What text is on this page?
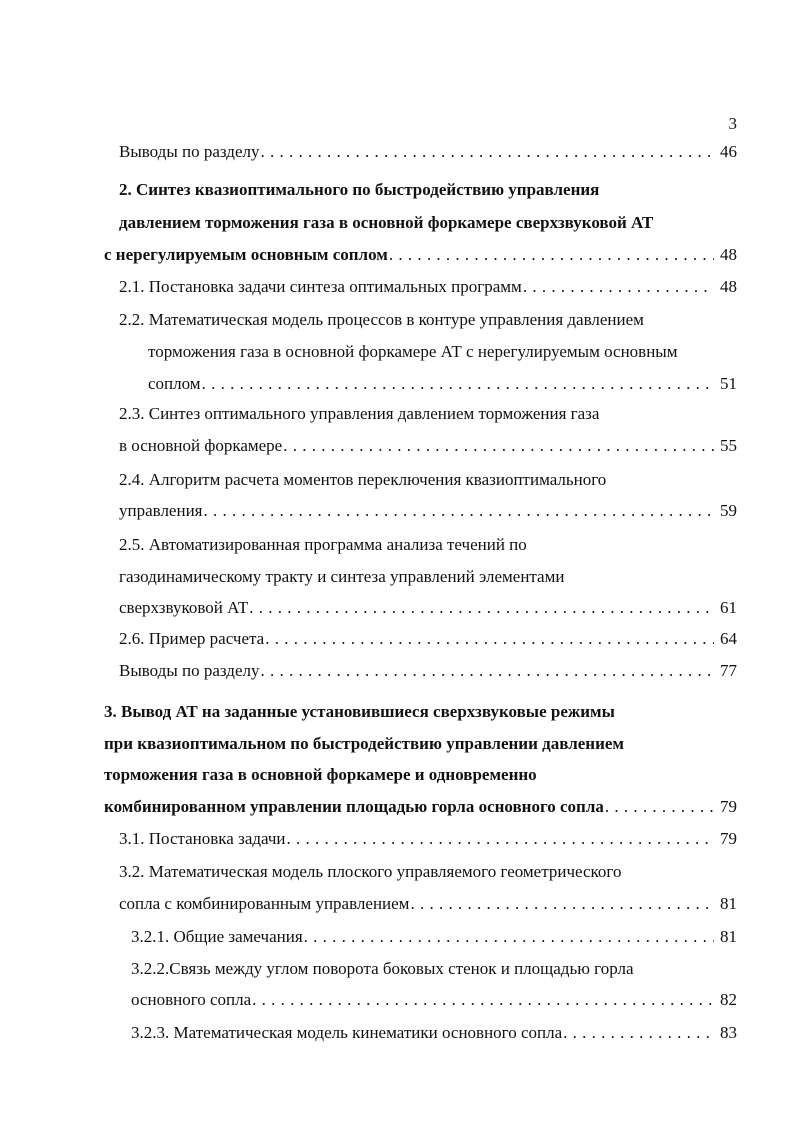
3
Выводы по разделу . . .	46
2. Синтез квазиоптимального по быстродействию управления
давлением торможения газа в основной форкамере сверхзвуковой АТ
с нерегулируемым основным соплом . . .	48
2.1. Постановка задачи синтеза оптимальных программ . . .	48
2.2. Математическая модель процессов в контуре управления давлением
торможения газа в основной форкамере АТ с нерегулируемым основным
соплом . . .	51
2.3. Синтез оптимального управления давлением торможения газа
в основной форкамере . . .	55
2.4. Алгоритм расчета моментов переключения квазиоптимального
управления . . .	59
2.5. Автоматизированная программа анализа течений по
газодинамическому тракту и синтеза управлений элементами
сверхзвуковой АТ . . .	61
2.6. Пример расчета . . .	64
Выводы по разделу . . .	77
3. Вывод АТ на заданные установившиеся сверхзвуковые режимы
при квазиоптимальном по быстродействию управлении давлением
торможения газа в основной форкамере и одновременно
комбинированном управлении площадью горла основного сопла . . .	79
3.1. Постановка задачи . . .	79
3.2. Математическая модель плоского управляемого геометрического
сопла с комбинированным управлением . . .	81
3.2.1. Общие замечания . . .	81
3.2.2.Связь между углом поворота боковых стенок и площадью горла
основного сопла . . .	82
3.2.3. Математическая модель кинематики основного сопла . . .	83
